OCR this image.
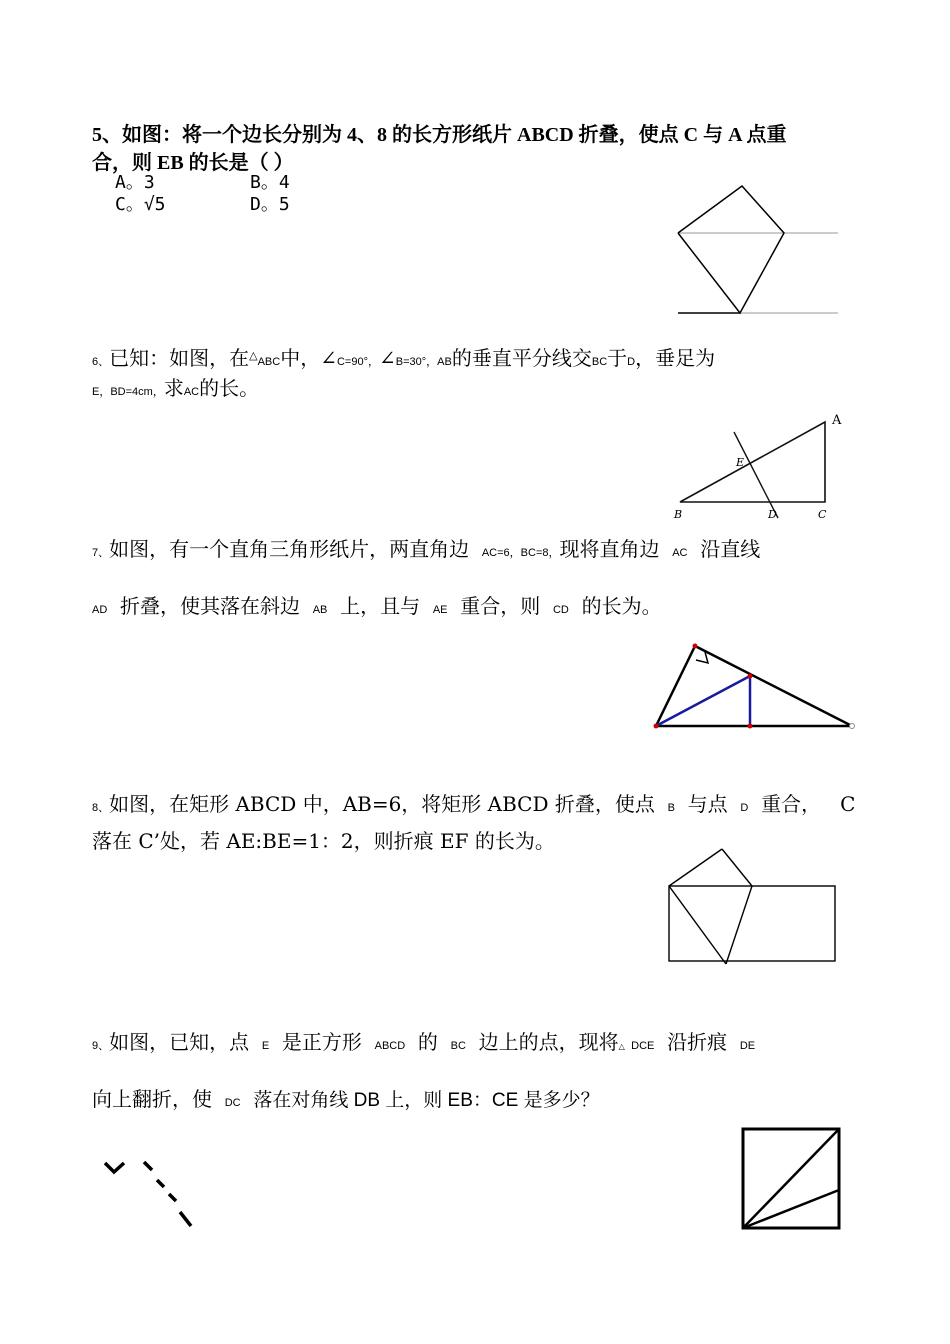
5、如图：将一个边长分别为 4、8 的长方形纸片 ABCD 折叠，使点 C 与 A 点重
合，则 EB 的长是（ ）
A。3	B。4
C。√5	D。5
6、已知：如图，在△ABC中，∠C=90°，∠B=30°，AB的垂直平分线交BC于D，垂足为
E，BD=4cm，求AC的长。
A
E
B	D	C
7、如图，有一个直角三角形纸片，两直角边 AC=6，BC=8，现将直角边 AC 沿直线
AD 折叠，使其落在斜边 AB 上，且与 AE 重合，则 CD 的长为。
8、如图，在矩形 ABCD 中，AB=6，将矩形 ABCD 折叠，使点 B 与点 D 重合， C
落在 C’处，若 AE:BE=1：2，则折痕 EF 的长为。
9、如图，已知，点 E 是正方形 ABCD 的 BC 边上的点，现将△ DCE 沿折痕 DE
向上翻折，使 DC 落在对角线 DB 上，则 EB：CE 是多少？
